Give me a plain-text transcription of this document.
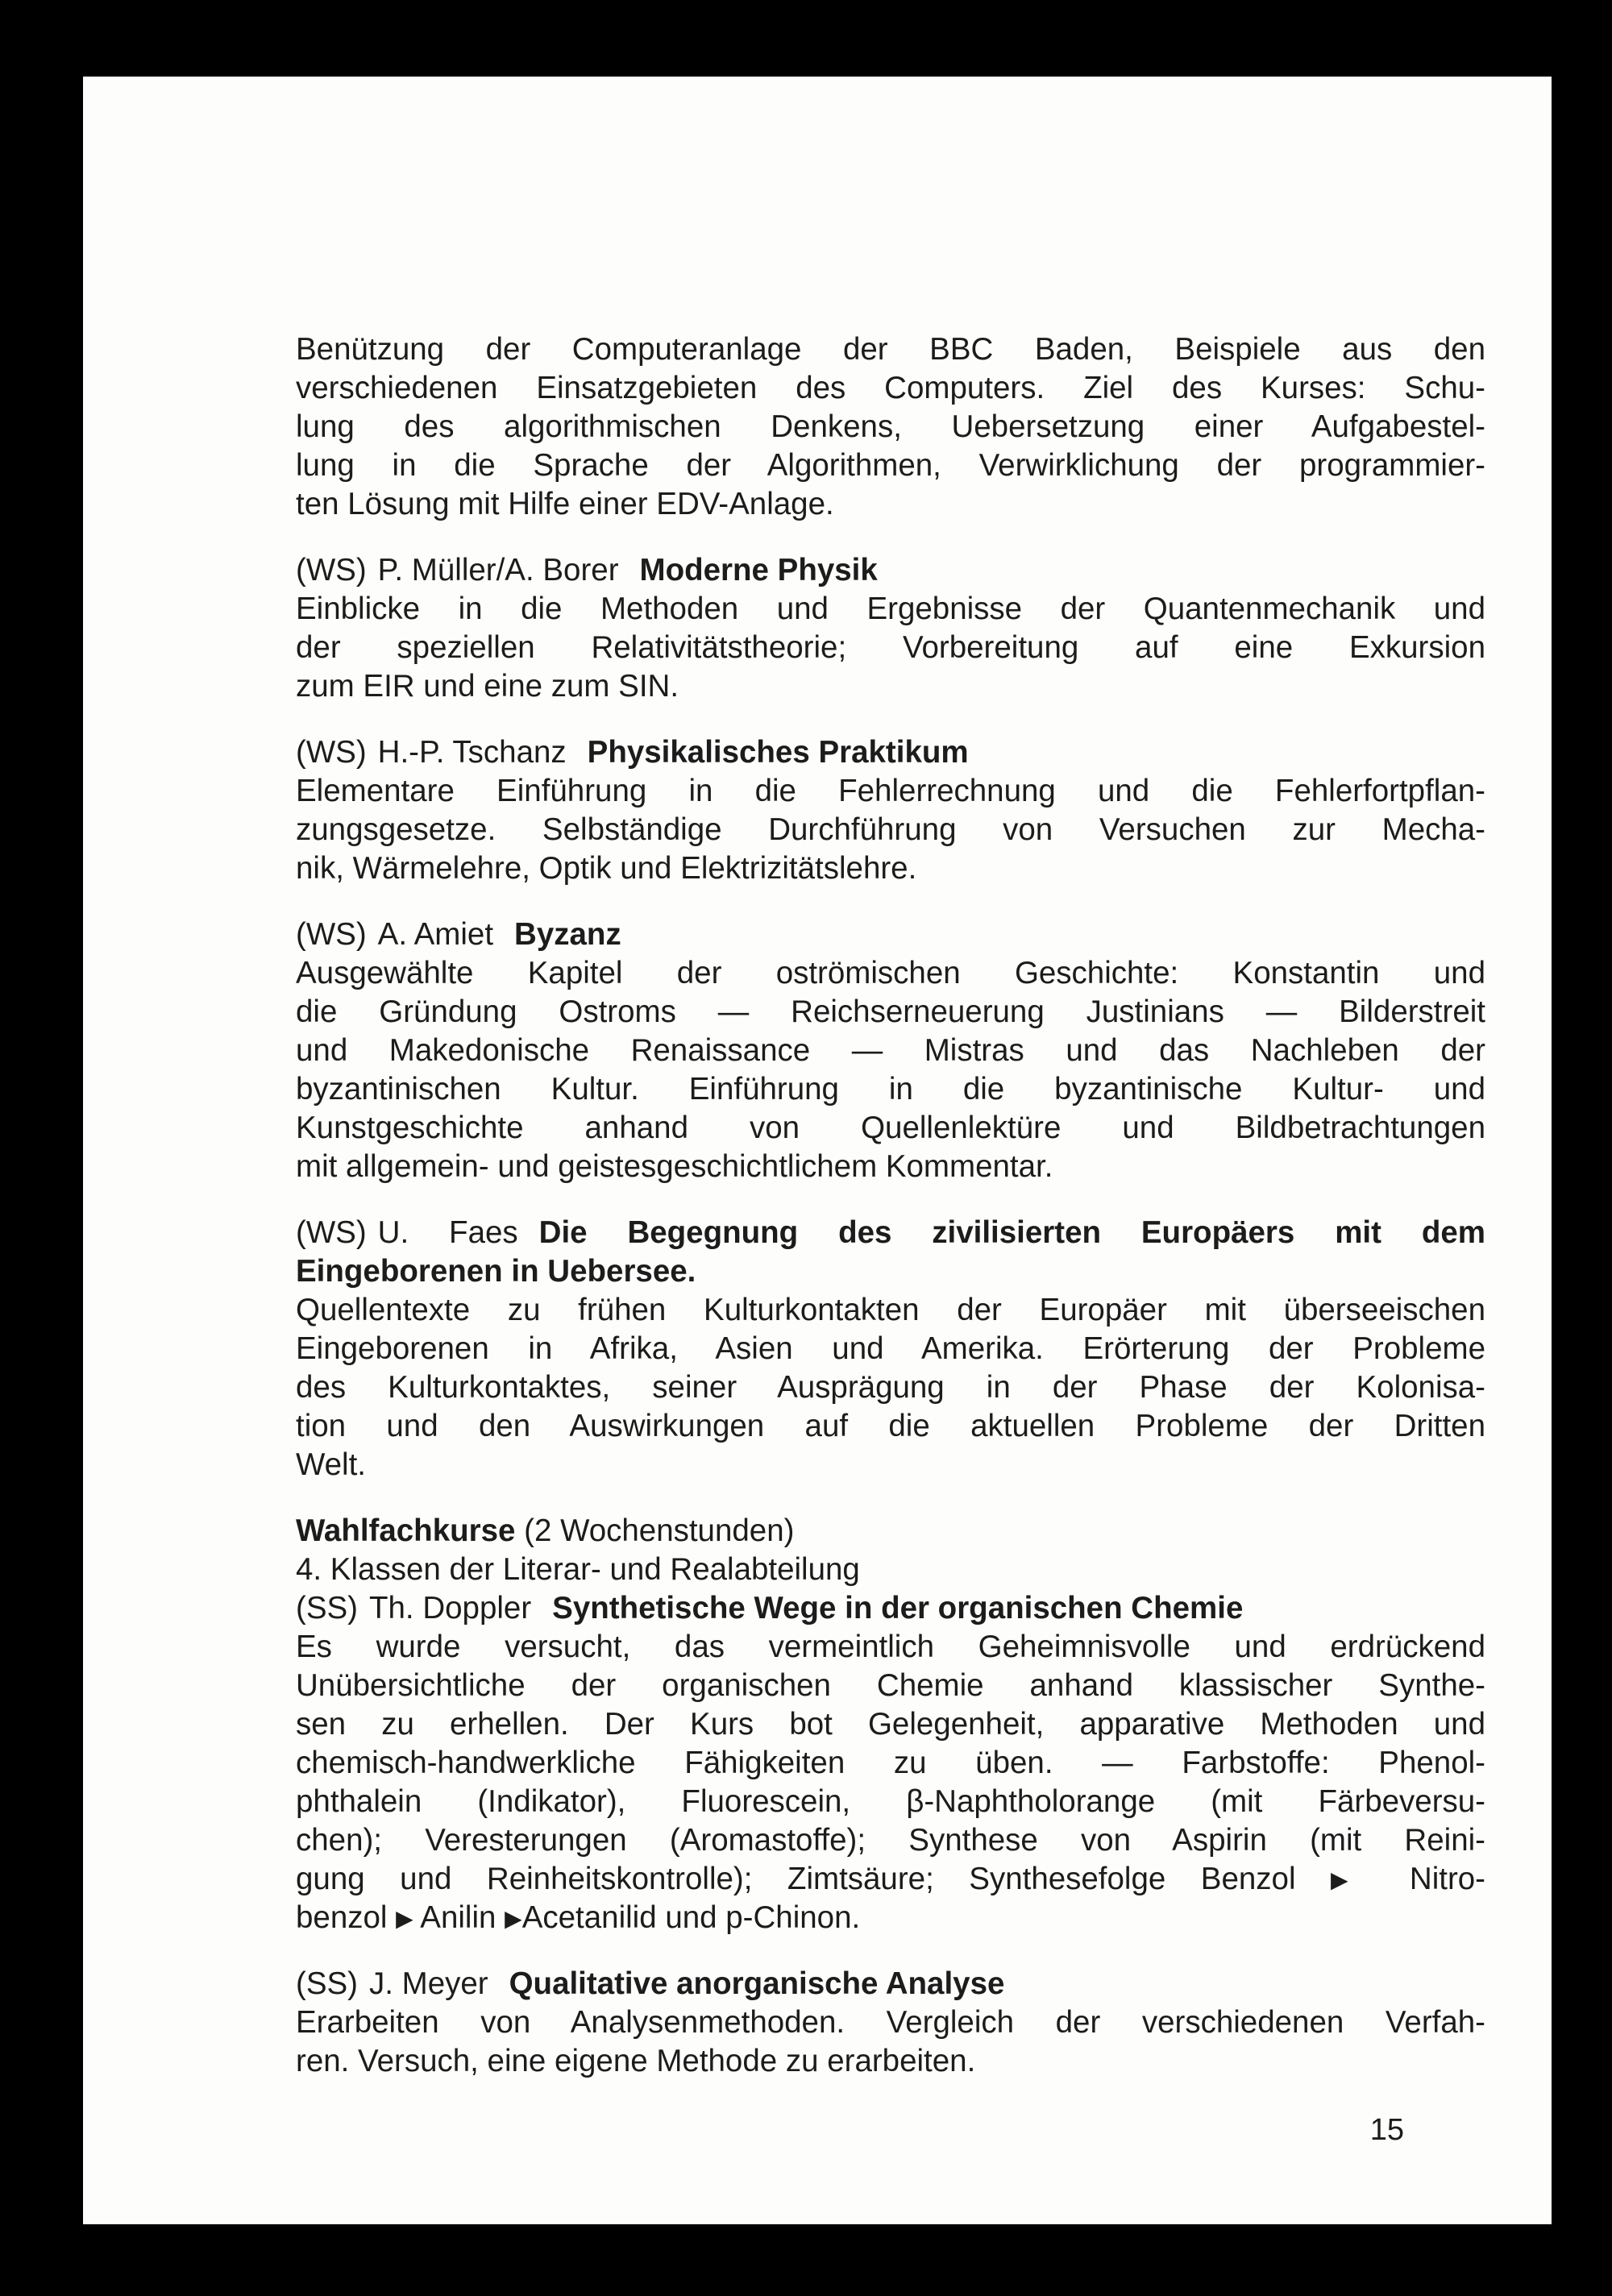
Benützung der Computeranlage der BBC Baden, Beispiele aus den
verschiedenen Einsatzgebieten des Computers. Ziel des Kurses: Schu-
lung des algorithmischen Denkens, Uebersetzung einer Aufgabestel-
lung in die Sprache der Algorithmen, Verwirklichung der programmier-
ten Lösung mit Hilfe einer EDV-Anlage.
(WS) P. Müller/A. Borer Moderne Physik
Einblicke in die Methoden und Ergebnisse der Quantenmechanik und
der speziellen Relativitätstheorie; Vorbereitung auf eine Exkursion
zum EIR und eine zum SIN.
(WS) H.-P. Tschanz Physikalisches Praktikum
Elementare Einführung in die Fehlerrechnung und die Fehlerfortpflan-
zungsgesetze. Selbständige Durchführung von Versuchen zur Mecha-
nik, Wärmelehre, Optik und Elektrizitätslehre.
(WS) A. Amiet Byzanz
Ausgewählte Kapitel der oströmischen Geschichte: Konstantin und
die Gründung Ostroms — Reichserneuerung Justinians — Bilderstreit
und Makedonische Renaissance — Mistras und das Nachleben der
byzantinischen Kultur. Einführung in die byzantinische Kultur- und
Kunstgeschichte anhand von Quellenlektüre und Bildbetrachtungen
mit allgemein- und geistesgeschichtlichem Kommentar.
(WS) U. Faes Die Begegnung des zivilisierten Europäers mit dem
Eingeborenen in Uebersee.
Quellentexte zu frühen Kulturkontakten der Europäer mit überseeischen
Eingeborenen in Afrika, Asien und Amerika. Erörterung der Probleme
des Kulturkontaktes, seiner Ausprägung in der Phase der Kolonisa-
tion und den Auswirkungen auf die aktuellen Probleme der Dritten
Welt.
Wahlfachkurse (2 Wochenstunden)
4. Klassen der Literar- und Realabteilung
(SS) Th. Doppler Synthetische Wege in der organischen Chemie
Es wurde versucht, das vermeintlich Geheimnisvolle und erdrückend
Unübersichtliche der organischen Chemie anhand klassischer Synthe-
sen zu erhellen. Der Kurs bot Gelegenheit, apparative Methoden und
chemisch-handwerkliche Fähigkeiten zu üben. — Farbstoffe: Phenol-
phthalein (Indikator), Fluorescein, β-Naphtholorange (mit Färbeversu-
chen); Veresterungen (Aromastoffe); Synthese von Aspirin (mit Reini-
gung und Reinheitskontrolle); Zimtsäure; Synthesefolge Benzol ▶ Nitro-
benzol ▶ Anilin ▶Acetanilid und p-Chinon.
(SS) J. Meyer Qualitative anorganische Analyse
Erarbeiten von Analysenmethoden. Vergleich der verschiedenen Verfah-
ren. Versuch, eine eigene Methode zu erarbeiten.
15
